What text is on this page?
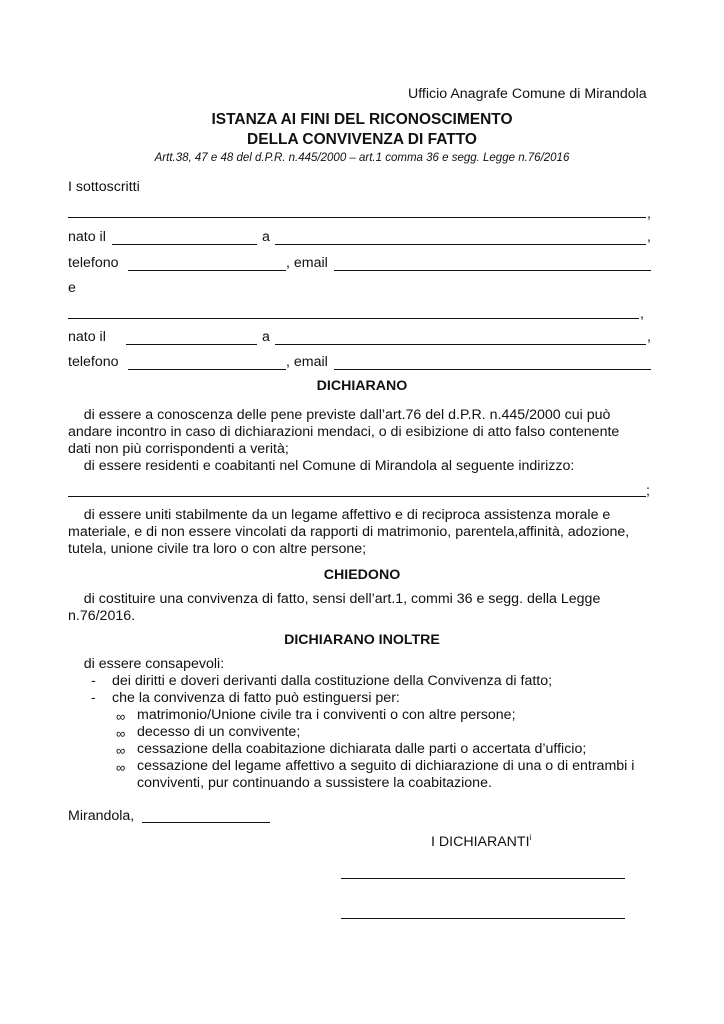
Ufficio Anagrafe Comune di Mirandola
ISTANZA AI FINI DEL RICONOSCIMENTO
DELLA CONVIVENZA DI FATTO
Artt.38, 47 e 48 del d.P.R. n.445/2000 – art.1 comma 36 e segg. Legge n.76/2016
I sottoscritti
,
nato il	a	,
telefono	, email
e
,
nato il	a	,
telefono	, email
DICHIARANO
di essere a conoscenza delle pene previste dall’art.76 del d.P.R. n.445/2000 cui può
andare incontro in caso di dichiarazioni mendaci, o di esibizione di atto falso contenente
dati non più corrispondenti a verità;
di essere residenti e coabitanti nel Comune di Mirandola al seguente indirizzo:
;
di essere uniti stabilmente da un legame affettivo e di reciproca assistenza morale e
materiale, e di non essere vincolati da rapporti di matrimonio, parentela,affinità, adozione,
tutela, unione civile tra loro o con altre persone;
CHIEDONO
di costituire una convivenza di fatto, sensi dell’art.1, commi 36 e segg. della Legge
n.76/2016.
DICHIARANO INOLTRE
di essere consapevoli:
- dei diritti e doveri derivanti dalla costituzione della Convivenza di fatto;
- che la convivenza di fatto può estinguersi per:
∞ matrimonio/Unione civile tra i conviventi o con altre persone;
∞ decesso di un convivente;
∞ cessazione della coabitazione dichiarata dalle parti o accertata d’ufficio;
∞ cessazione del legame affettivo a seguito di dichiarazione di una o di entrambi i
conviventi, pur continuando a sussistere la coabitazione.
Mirandola,
I DICHIARANTI$^i$
